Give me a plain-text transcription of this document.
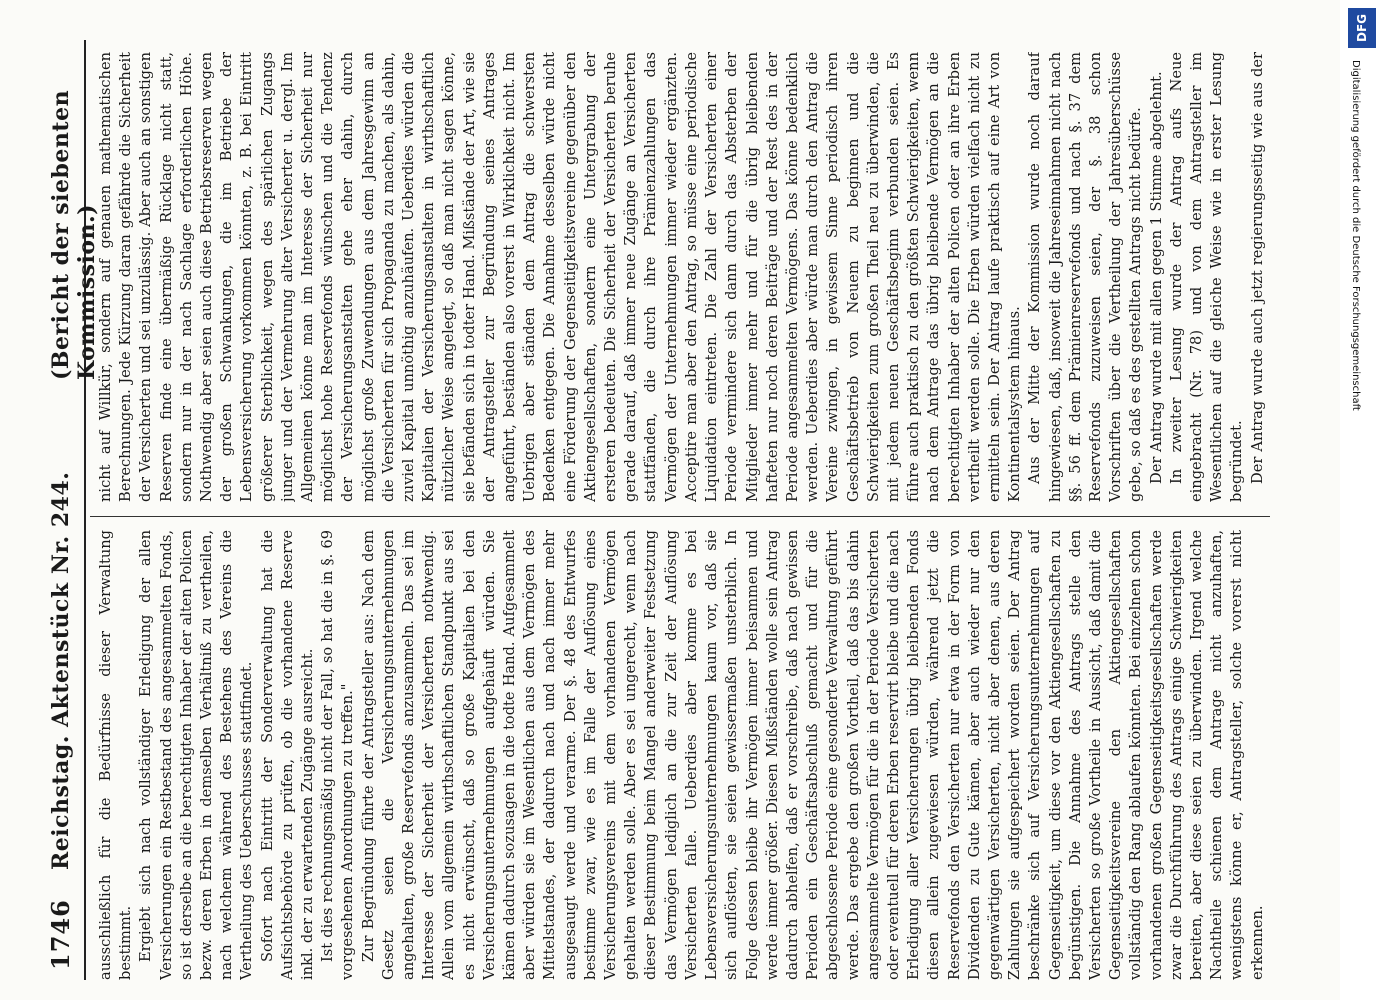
1746
Reichstag. Aktenstück Nr. 244.
(Bericht der siebenten Kommission.)

ausschließlich für die Bedürfnisse dieser Verwaltung bestimmt. Ergiebt sich nach vollständiger Erledigung der allen Versicherungen ein Restbestand des angesammelten Fonds, so ist derselbe an die berechtigten Inhaber der alten Policen bezw. deren Erben in demselben Verhältniß zu vertheilen, nach welchem während des Bestehens des Vereins die Vertheilung des Ueberschusses stattfindet. Sofort nach Eintritt der Sonderverwaltung hat die Aufsichtsbehörde zu prüfen, ob die vorhandene Reserve inkl. der zu erwartenden Zugänge ausreicht. Ist dies rechnungsmäßig nicht der Fall, so hat die in §. 69 vorgesehenen Anordnungen zu treffen." Zur Begründung führte der Antragsteller aus: Nach dem Gesetz seien die Versicherungsunternehmungen angehalten, große Reservefonds anzusammeln. Das sei im Interesse der Sicherheit der Versicherten nothwendig. Allein vom allgemein wirthschaftlichen Standpunkt aus sei es nicht erwünscht, daß so große Kapitalien bei den Versicherungsunternehmungen aufgehäuft würden. Sie kämen dadurch sozusagen in die todte Hand. Aufgesammelt aber würden sie im Wesentlichen aus dem Vermögen des Mittelstandes, der dadurch nach und nach immer mehr ausgesaugt werde und verarme. Der §. 48 des Entwurfes bestimme zwar, wie es im Falle der Auflösung eines Versicherungsvereins mit dem vorhandenen Vermögen gehalten werden solle. Aber es sei ungerecht, wenn nach dieser Bestimmung beim Mangel anderweiter Festsetzung das Vermögen lediglich an die zur Zeit der Auflösung Versicherten falle. Ueberdies aber komme es bei Lebensversicherungsunternehmungen kaum vor, daß sie sich auflösten, sie seien gewissermaßen unsterblich. In Folge dessen bleibe ihr Vermögen immer beisammen und werde immer größer. Diesen Mißständen wolle sein Antrag dadurch abhelfen, daß er vorschreibe, daß nach gewissen Perioden ein Geschäftsabschluß gemacht und für die abgeschlossene Periode eine gesonderte Verwaltung geführt werde. Das ergebe den großen Vortheil, daß das bis dahin angesammelte Vermögen für die in der Periode Versicherten oder eventuell für deren Erben reservirt bleibe und die nach Erledigung aller Versicherungen übrig bleibenden Fonds diesen allein zugewiesen würden, während jetzt die Reservefonds den Versicherten nur etwa in der Form von Dividenden zu Gute kämen, aber auch wieder nur den gegenwärtigen Versicherten, nicht aber denen, aus deren Zahlungen sie aufgespeichert worden seien. Der Antrag beschränke sich auf Versicherungsunternehmungen auf Gegenseitigkeit, um diese vor den Aktiengesellschaften zu begünstigen. Die Annahme des Antrags stelle den Versicherten so große Vortheile in Aussicht, daß damit die Gegenseitigkeitsvereine den Aktiengesellschaften vollständig den Rang ablaufen könnten. Bei einzelnen schon vorhandenen großen Gegenseitigkeitsgesellschaften werde zwar die Durchführung des Antrags einige Schwierigkeiten bereiten, aber diese seien zu überwinden. Irgend welche Nachtheile schienen dem Antrage nicht anzuhaften, wenigstens könne er, Antragsteller, solche vorerst nicht erkennen.

nicht auf Willkür, sondern auf genauen mathematischen Berechnungen. Jede Kürzung daran gefährde die Sicherheit der Versicherten und sei unzulässig. Aber auch an sonstigen Reserven finde eine übermäßige Rücklage nicht statt, sondern nur in der nach Sachlage erforderlichen Höhe. Nothwendig aber seien auch diese Betriebsreserven wegen der großen Schwankungen, die im Betriebe der Lebensversicherung vorkommen könnten, z. B. bei Eintritt größerer Sterblichkeit, wegen des spärlichen Zugangs junger und der Vermehrung alter Versicherter u. dergl. Im Allgemeinen könne man im Interesse der Sicherheit nur möglichst hohe Reservefonds wünschen und die Tendenz der Versicherungsanstalten gehe eher dahin, durch möglichst große Zuwendungen aus dem Jahresgewinn an die Versicherten für sich Propaganda zu machen, als dahin, zuviel Kapital unnöthig anzuhäufen. Ueberdies würden die Kapitalien der Versicherungsanstalten in wirthschaftlich nützlicher Weise angelegt, so daß man nicht sagen könne, sie befänden sich in todter Hand. Mißstände der Art, wie sie der Antragsteller zur Begründung seines Antrages angeführt, beständen also vorerst in Wirklichkeit nicht. Im Uebrigen aber ständen dem Antrag die schwersten Bedenken entgegen. Die Annahme desselben würde nicht eine Förderung der Gegenseitigkeitsvereine gegenüber den Aktiengesellschaften, sondern eine Untergrabung der ersteren bedeuten. Die Sicherheit der Versicherten beruhe gerade darauf, daß immer neue Zugänge an Versicherten stattfänden, die durch ihre Prämienzahlungen das Vermögen der Unternehmungen immer wieder ergänzten. Acceptire man aber den Antrag, so müsse eine periodische Liquidation eintreten. Die Zahl der Versicherten einer Periode vermindere sich dann durch das Absterben der Mitglieder immer mehr und für die übrig bleibenden hafteten nur noch deren Beiträge und der Rest des in der Periode angesammelten Vermögens. Das könne bedenklich werden. Ueberdies aber würde man durch den Antrag die Vereine zwingen, in gewissem Sinne periodisch ihren Geschäftsbetrieb von Neuem zu beginnen und die Schwierigkeiten zum großen Theil neu zu überwinden, die mit jedem neuen Geschäftsbeginn verbunden seien. Es führe auch praktisch zu den größten Schwierigkeiten, wenn nach dem Antrage das übrig bleibende Vermögen an die berechtigten Inhaber der alten Policen oder an ihre Erben vertheilt werden solle. Die Erben würden vielfach nicht zu ermitteln sein. Der Antrag laufe praktisch auf eine Art von Kontinentalsystem hinaus. Aus der Mitte der Kommission wurde noch darauf hingewiesen, daß, insoweit die Jahreseinnahmen nicht nach §§. 56 ff. dem Prämienreservefonds und nach §. 37 dem Reservefonds zuzuweisen seien, der §. 38 schon Vorschriften über die Vertheilung der Jahresüberschüsse gebe, so daß es des gestellten Antrags nicht bedürfe. Der Antrag wurde mit allen gegen 1 Stimme abgelehnt. In zweiter Lesung wurde der Antrag aufs Neue eingebracht (Nr. 78) und von dem Antragsteller im Wesentlichen auf die gleiche Weise wie in erster Lesung begründet. Der Antrag wurde auch jetzt regierungsseitig wie aus der

DFG
Digitalisierung gefördert durch die Deutsche Forschungsgemeinschaft
